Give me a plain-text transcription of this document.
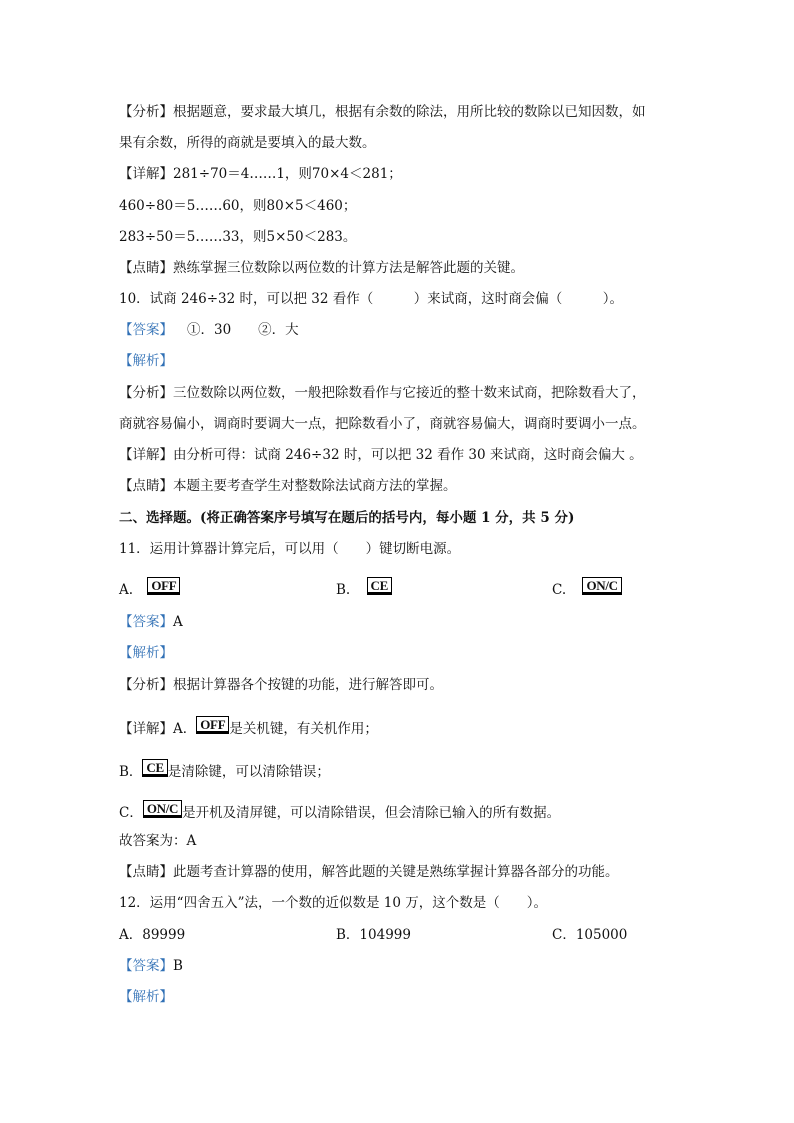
【分析】根据题意，要求最大填几，根据有余数的除法，用所比较的数除以已知因数，如
果有余数，所得的商就是要填入的最大数。
【详解】281÷70＝4……1，则70×4＜281；
460÷80＝5……60，则80×5＜460；
283÷50＝5……33，则5×50＜283。
【点睛】熟练掌握三位数除以两位数的计算方法是解答此题的关键。
10．试商 246÷32 时，可以把 32 看作（　　　）来试商，这时商会偏（　　　）。
【答案】 ①．30　　②．大
【解析】
【分析】三位数除以两位数，一般把除数看作与它接近的整十数来试商，把除数看大了，
商就容易偏小，调商时要调大一点，把除数看小了，商就容易偏大，调商时要调小一点。
【详解】由分析可得：试商 246÷32 时，可以把 32 看作 30 来试商，这时商会偏大 。
【点睛】本题主要考查学生对整数除法试商方法的掌握。
二、选择题。(将正确答案序号填写在题后的括号内，每小题 1 分，共 5 分)
11．运用计算器计算完后，可以用（　　）键切断电源。
A. OFF	B. CE	C. ON/C
【答案】A
【解析】
【分析】根据计算器各个按键的功能，进行解答即可。
【详解】A． OFF 是关机键，有关机作用；
B． CE 是清除键，可以清除错误；
C． ON/C 是开机及清屏键，可以清除错误，但会清除已输入的所有数据。
故答案为：A
【点睛】此题考查计算器的使用，解答此题的关键是熟练掌握计算器各部分的功能。
12．运用“四舍五入”法，一个数的近似数是 10 万，这个数是（　　）。
A．89999	B．104999	C．105000
【答案】B
【解析】
